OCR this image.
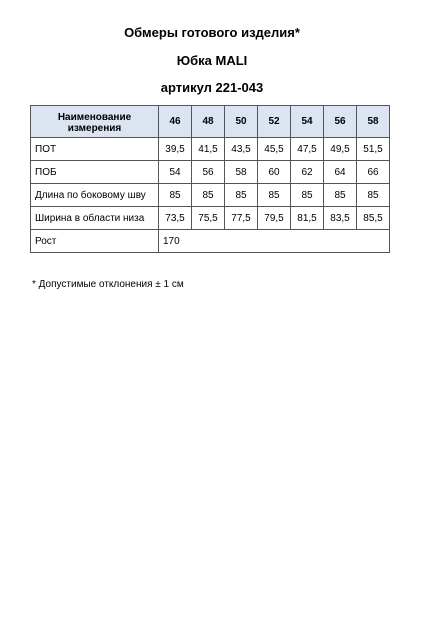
Обмеры готового изделия*
Юбка MALI
артикул 221-043
Наименование измерения	46	48	50	52	54	56	58
ПОТ	39,5	41,5	43,5	45,5	47,5	49,5	51,5
ПОБ	54	56	58	60	62	64	66
Длина по боковому шву	85	85	85	85	85	85	85
Ширина в области низа	73,5	75,5	77,5	79,5	81,5	83,5	85,5
Рост	170						
* Допустимые отклонения ± 1 см
